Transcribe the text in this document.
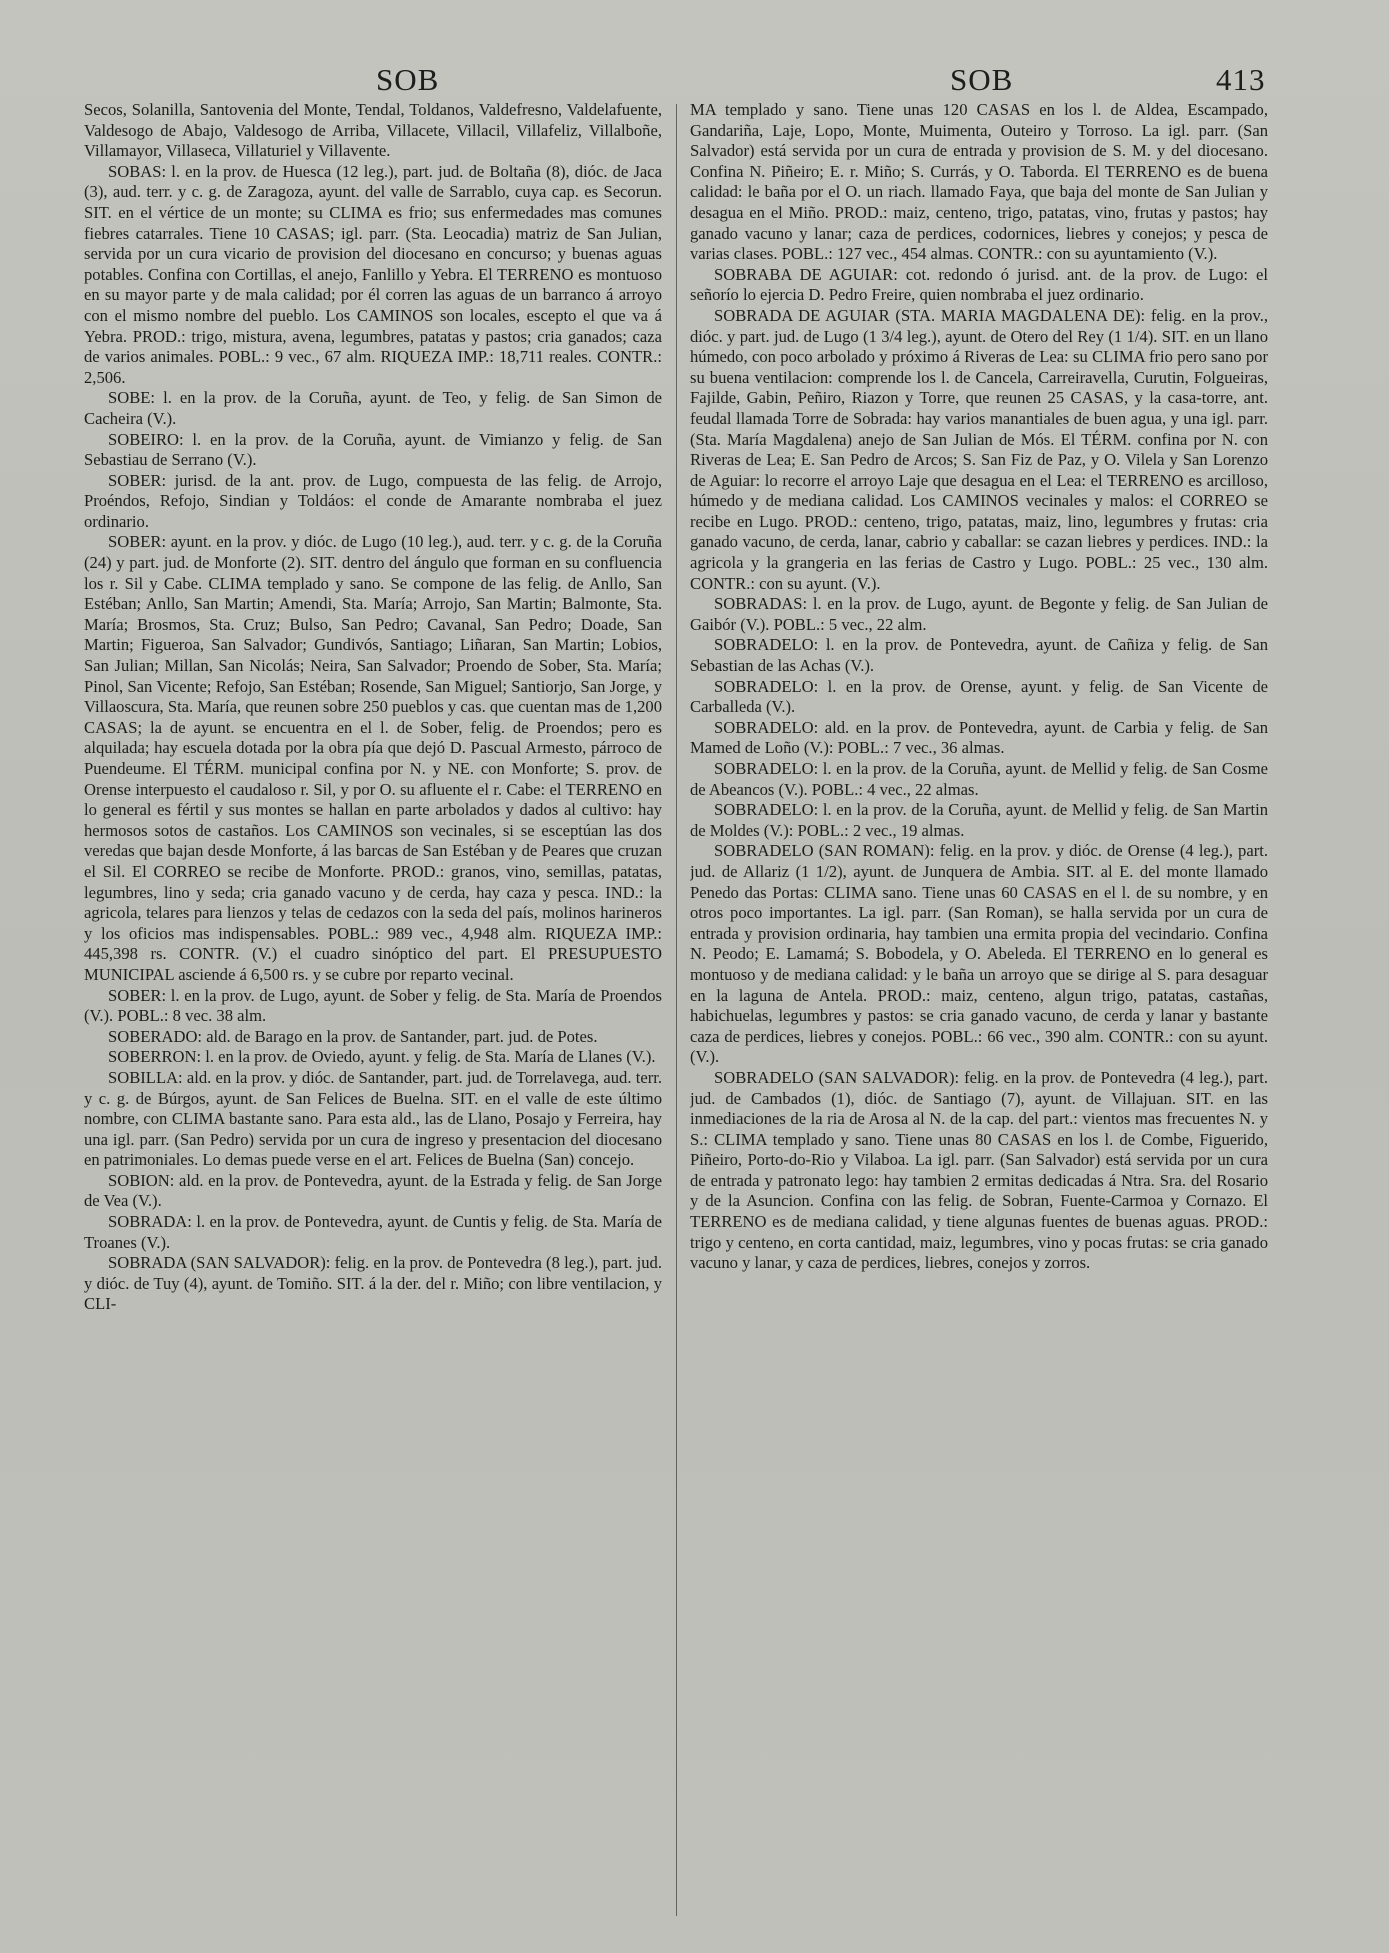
SOB	SOB	413

Secos, Solanilla, Santovenia del Monte, Tendal, Toldanos, Valdefresno, Valdelafuente, Valdesogo de Abajo, Valdesogo de Arriba, Villacete, Villacil, Villafeliz, Villalboñe, Villamayor, Villaseca, Villaturiel y Villavente.

SOBAS: l. en la prov. de Huesca (12 leg.), part. jud. de Boltaña (8), dióc. de Jaca (3), aud. terr. y c. g. de Zaragoza, ayunt. del valle de Sarrablo, cuya cap. es Secorun. SIT. en el vértice de un monte; su CLIMA es frio; sus enfermedades mas comunes fiebres catarrales. Tiene 10 CASAS; igl. parr. (Sta. Leocadia) matriz de San Julian, servida por un cura vicario de provision del diocesano en concurso; y buenas aguas potables. Confina con Cortillas, el anejo, Fanlillo y Yebra. El TERRENO es montuoso en su mayor parte y de mala calidad; por él corren las aguas de un barranco á arroyo con el mismo nombre del pueblo. Los CAMINOS son locales, escepto el que va á Yebra. PROD.: trigo, mistura, avena, legumbres, patatas y pastos; cria ganados; caza de varios animales. POBL.: 9 vec., 67 alm. RIQUEZA IMP.: 18,711 reales. CONTR.: 2,506.

SOBE: l. en la prov. de la Coruña, ayunt. de Teo, y felig. de San Simon de Cacheira (V.).

SOBEIRO: l. en la prov. de la Coruña, ayunt. de Vimianzo y felig. de San Sebastiau de Serrano (V.).

SOBER: jurisd. de la ant. prov. de Lugo, compuesta de las felig. de Arrojo, Proéndos, Refojo, Sindian y Toldáos: el conde de Amarante nombraba el juez ordinario.

SOBER: ayunt. en la prov. y dióc. de Lugo (10 leg.), aud. terr. y c. g. de la Coruña (24) y part. jud. de Monforte (2). SIT. dentro del ángulo que forman en su confluencia los r. Sil y Cabe. CLIMA templado y sano. Se compone de las felig. de Anllo, San Estéban; Anllo, San Martin; Amendi, Sta. María; Arrojo, San Martin; Balmonte, Sta. María; Brosmos, Sta. Cruz; Bulso, San Pedro; Cavanal, San Pedro; Doade, San Martin; Figueroa, San Salvador; Gundivós, Santiago; Liñaran, San Martin; Lobios, San Julian; Millan, San Nicolás; Neira, San Salvador; Proendo de Sober, Sta. María; Pinol, San Vicente; Refojo, San Estéban; Rosende, San Miguel; Santiorjo, San Jorge, y Villaoscura, Sta. María, que reunen sobre 250 pueblos y cas. que cuentan mas de 1,200 CASAS; la de ayunt. se encuentra en el l. de Sober, felig. de Proendos; pero es alquilada; hay escuela dotada por la obra pía que dejó D. Pascual Armesto, párroco de Puendeume. El TÉRM. municipal confina por N. y NE. con Monforte; S. prov. de Orense interpuesto el caudaloso r. Sil, y por O. su afluente el r. Cabe: el TERRENO en lo general es fértil y sus montes se hallan en parte arbolados y dados al cultivo: hay hermosos sotos de castaños. Los CAMINOS son vecinales, si se esceptúan las dos veredas que bajan desde Monforte, á las barcas de San Estéban y de Peares que cruzan el Sil. El CORREO se recibe de Monforte. PROD.: granos, vino, semillas, patatas, legumbres, lino y seda; cria ganado vacuno y de cerda, hay caza y pesca. IND.: la agricola, telares para lienzos y telas de cedazos con la seda del país, molinos harineros y los oficios mas indispensables. POBL.: 989 vec., 4,948 alm. RIQUEZA IMP.: 445,398 rs. CONTR. (V.) el cuadro sinóptico del part. El PRESUPUESTO MUNICIPAL asciende á 6,500 rs. y se cubre por reparto vecinal.

SOBER: l. en la prov. de Lugo, ayunt. de Sober y felig. de Sta. María de Proendos (V.). POBL.: 8 vec. 38 alm.

SOBERADO: ald. de Barago en la prov. de Santander, part. jud. de Potes.

SOBERRON: l. en la prov. de Oviedo, ayunt. y felig. de Sta. María de Llanes (V.).

SOBILLA: ald. en la prov. y dióc. de Santander, part. jud. de Torrelavega, aud. terr. y c. g. de Búrgos, ayunt. de San Felices de Buelna. SIT. en el valle de este último nombre, con CLIMA bastante sano. Para esta ald., las de Llano, Posajo y Ferreira, hay una igl. parr. (San Pedro) servida por un cura de ingreso y presentacion del diocesano en patrimoniales. Lo demas puede verse en el art. Felices de Buelna (San) concejo.

SOBION: ald. en la prov. de Pontevedra, ayunt. de la Estrada y felig. de San Jorge de Vea (V.).

SOBRADA: l. en la prov. de Pontevedra, ayunt. de Cuntis y felig. de Sta. María de Troanes (V.).

SOBRADA (SAN SALVADOR): felig. en la prov. de Pontevedra (8 leg.), part. jud. y dióc. de Tuy (4), ayunt. de Tomiño. SIT. á la der. del r. Miño; con libre ventilacion, y CLI-

MA templado y sano. Tiene unas 120 CASAS en los l. de Aldea, Escampado, Gandariña, Laje, Lopo, Monte, Muimenta, Outeiro y Torroso. La igl. parr. (San Salvador) está servida por un cura de entrada y provision de S. M. y del diocesano. Confina N. Piñeiro; E. r. Miño; S. Currás, y O. Taborda. El TERRENO es de buena calidad: le baña por el O. un riach. llamado Faya, que baja del monte de San Julian y desagua en el Miño. PROD.: maiz, centeno, trigo, patatas, vino, frutas y pastos; hay ganado vacuno y lanar; caza de perdices, codornices, liebres y conejos; y pesca de varias clases. POBL.: 127 vec., 454 almas. CONTR.: con su ayuntamiento (V.).

SOBRABA DE AGUIAR: cot. redondo ó jurisd. ant. de la prov. de Lugo: el señorío lo ejercia D. Pedro Freire, quien nombraba el juez ordinario.

SOBRADA DE AGUIAR (STA. MARIA MAGDALENA DE): felig. en la prov., dióc. y part. jud. de Lugo (1 3/4 leg.), ayunt. de Otero del Rey (1 1/4). SIT. en un llano húmedo, con poco arbolado y próximo á Riveras de Lea: su CLIMA frio pero sano por su buena ventilacion: comprende los l. de Cancela, Carreiravella, Curutin, Folgueiras, Fajilde, Gabin, Peñiro, Riazon y Torre, que reunen 25 CASAS, y la casa-torre, ant. feudal llamada Torre de Sobrada: hay varios manantiales de buen agua, y una igl. parr. (Sta. María Magdalena) anejo de San Julian de Mós. El TÉRM. confina por N. con Riveras de Lea; E. San Pedro de Arcos; S. San Fiz de Paz, y O. Vilela y San Lorenzo de Aguiar: lo recorre el arroyo Laje que desagua en el Lea: el TERRENO es arcilloso, húmedo y de mediana calidad. Los CAMINOS vecinales y malos: el CORREO se recibe en Lugo. PROD.: centeno, trigo, patatas, maiz, lino, legumbres y frutas: cria ganado vacuno, de cerda, lanar, cabrio y caballar: se cazan liebres y perdices. IND.: la agricola y la grangeria en las ferias de Castro y Lugo. POBL.: 25 vec., 130 alm. CONTR.: con su ayunt. (V.).

SOBRADAS: l. en la prov. de Lugo, ayunt. de Begonte y felig. de San Julian de Gaibór (V.). POBL.: 5 vec., 22 alm.

SOBRADELO: l. en la prov. de Pontevedra, ayunt. de Cañiza y felig. de San Sebastian de las Achas (V.).

SOBRADELO: l. en la prov. de Orense, ayunt. y felig. de San Vicente de Carballeda (V.).

SOBRADELO: ald. en la prov. de Pontevedra, ayunt. de Carbia y felig. de San Mamed de Loño (V.): POBL.: 7 vec., 36 almas.

SOBRADELO: l. en la prov. de la Coruña, ayunt. de Mellid y felig. de San Cosme de Abeancos (V.). POBL.: 4 vec., 22 almas.

SOBRADELO: l. en la prov. de la Coruña, ayunt. de Mellid y felig. de San Martin de Moldes (V.): POBL.: 2 vec., 19 almas.

SOBRADELO (SAN ROMAN): felig. en la prov. y dióc. de Orense (4 leg.), part. jud. de Allariz (1 1/2), ayunt. de Junquera de Ambia. SIT. al E. del monte llamado Penedo das Portas: CLIMA sano. Tiene unas 60 CASAS en el l. de su nombre, y en otros poco importantes. La igl. parr. (San Roman), se halla servida por un cura de entrada y provision ordinaria, hay tambien una ermita propia del vecindario. Confina N. Peodo; E. Lamamá; S. Bobodela, y O. Abeleda. El TERRENO en lo general es montuoso y de mediana calidad: y le baña un arroyo que se dirige al S. para desaguar en la laguna de Antela. PROD.: maiz, centeno, algun trigo, patatas, castañas, habichuelas, legumbres y pastos: se cria ganado vacuno, de cerda y lanar y bastante caza de perdices, liebres y conejos. POBL.: 66 vec., 390 alm. CONTR.: con su ayunt. (V.).

SOBRADELO (SAN SALVADOR): felig. en la prov. de Pontevedra (4 leg.), part. jud. de Cambados (1), dióc. de Santiago (7), ayunt. de Villajuan. SIT. en las inmediaciones de la ria de Arosa al N. de la cap. del part.: vientos mas frecuentes N. y S.: CLIMA templado y sano. Tiene unas 80 CASAS en los l. de Combe, Figuerido, Piñeiro, Porto-do-Rio y Vilaboa. La igl. parr. (San Salvador) está servida por un cura de entrada y patronato lego: hay tambien 2 ermitas dedicadas á Ntra. Sra. del Rosario y de la Asuncion. Confina con las felig. de Sobran, Fuente-Carmoa y Cornazo. El TERRENO es de mediana calidad, y tiene algunas fuentes de buenas aguas. PROD.: trigo y centeno, en corta cantidad, maiz, legumbres, vino y pocas frutas: se cria ganado vacuno y lanar, y caza de perdices, liebres, conejos y zorros.
